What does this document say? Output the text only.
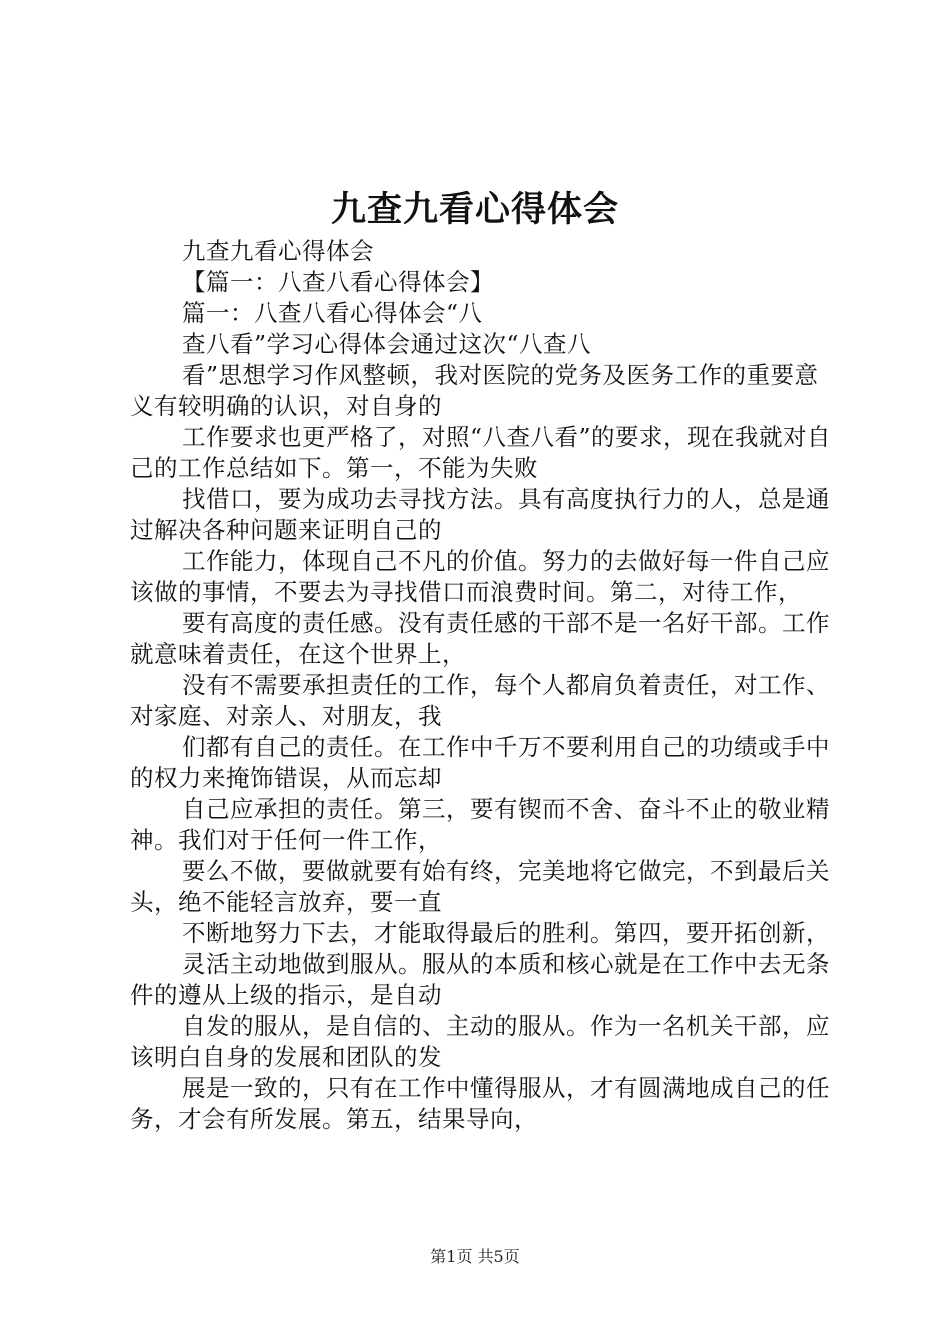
九查九看心得体会

九查九看心得体会

【篇一：八查八看心得体会】

篇一：八查八看心得体会“八

查八看”学习心得体会通过这次“八查八

看”思想学习作风整顿，我对医院的党务及医务工作的重要意义有较明确的认识，对自身的

工作要求也更严格了，对照“八查八看”的要求，现在我就对自己的工作总结如下。第一，不能为失败

找借口，要为成功去寻找方法。具有高度执行力的人，总是通过解决各种问题来证明自己的

工作能力，体现自己不凡的价值。努力的去做好每一件自己应该做的事情，不要去为寻找借口而浪费时间。第二，对待工作，

要有高度的责任感。没有责任感的干部不是一名好干部。工作就意味着责任，在这个世界上，

没有不需要承担责任的工作，每个人都肩负着责任，对工作、对家庭、对亲人、对朋友，我

们都有自己的责任。在工作中千万不要利用自己的功绩或手中的权力来掩饰错误，从而忘却

自己应承担的责任。第三，要有锲而不舍、奋斗不止的敬业精神。我们对于任何一件工作，

要么不做，要做就要有始有终，完美地将它做完，不到最后关头，绝不能轻言放弃，要一直

不断地努力下去，才能取得最后的胜利。第四，要开拓创新，

灵活主动地做到服从。服从的本质和核心就是在工作中去无条件的遵从上级的指示，是自动

自发的服从，是自信的、主动的服从。作为一名机关干部，应该明白自身的发展和团队的发

展是一致的，只有在工作中懂得服从，才有圆满地成自己的任务，才会有所发展。第五，结果导向，

第1页 共5页
